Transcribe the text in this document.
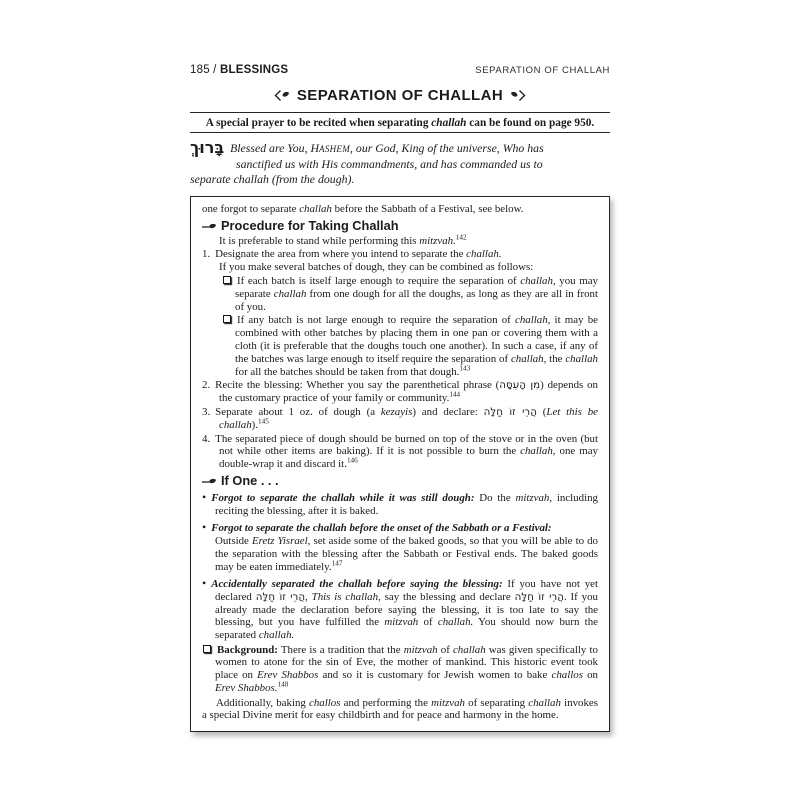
185 / BLESSINGS	SEPARATION OF CHALLAH
SEPARATION OF CHALLAH
A special prayer to be recited when separating challah can be found on page 950.
בָּרוּךְ Blessed are You, HASHEM, our God, King of the universe, Who has
sanctified us with His commandments, and has commanded us to
separate challah (from the dough).

one forgot to separate challah before the Sabbath of a Festival, see below.

Procedure for Taking Challah

It is preferable to stand while performing this mitzvah.$^{142}$

1. Designate the area from where you intend to separate the challah.
If you make several batches of dough, they can be combined as follows:

If each batch is itself large enough to require the separation of challah, you may separate challah from one dough for all the doughs, as long as they are all in front of you.

If any batch is not large enough to require the separation of challah, it may be combined with other batches by placing them in one pan or covering them with a cloth (it is preferable that the doughs touch one another). In such a case, if any of the batches was large enough to itself require the separation of challah, the challah for all the batches should be taken from that dough.$^{143}$

2. Recite the blessing: Whether you say the parenthetical phrase (מִן הָעִסָּה) depends on the customary practice of your family or community.$^{144}$

3. Separate about 1 oz. of dough (a kezayis) and declare: הֲרֵי זוֹ חַלָּה (Let this be challah).$^{145}$

4. The separated piece of dough should be burned on top of the stove or in the oven (but not while other items are baking). If it is not possible to burn the challah, one may double-wrap it and discard it.$^{146}$

If One . . .

• Forgot to separate the challah while it was still dough: Do the mitzvah, including reciting the blessing, after it is baked.

• Forgot to separate the challah before the onset of the Sabbath or a Festival:
Outside Eretz Yisrael, set aside some of the baked goods, so that you will be able to do the separation with the blessing after the Sabbath or Festival ends. The baked goods may be eaten immediately.$^{147}$

• Accidentally separated the challah before saying the blessing: If you have not yet declared הֲרֵי זוֹ חַלָּה, This is challah, say the blessing and declare הֲרֵי זוֹ חַלָּה. If you already made the declaration before saying the blessing, it is too late to say the blessing, but you have fulfilled the mitzvah of challah. You should now burn the separated challah.

Background: There is a tradition that the mitzvah of challah was given specifically to women to atone for the sin of Eve, the mother of mankind. This historic event took place on Erev Shabbos and so it is customary for Jewish women to bake challos on Erev Shabbos.$^{148}$

Additionally, baking challos and performing the mitzvah of separating challah invokes a special Divine merit for easy childbirth and for peace and harmony in the home.
